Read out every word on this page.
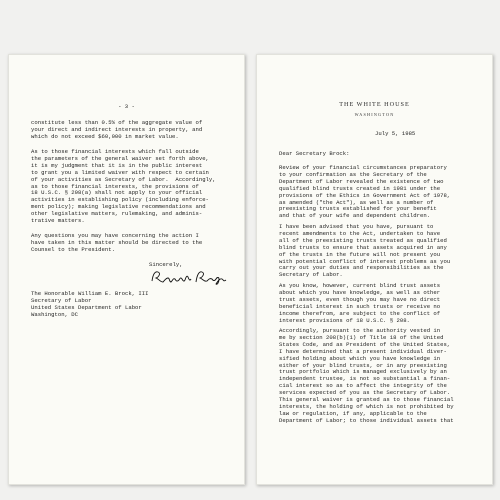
- 3 -
constitute less than 0.5% of the aggregate value of
your direct and indirect interests in property, and
which do not exceed $60,000 in market value.
As to those financial interests which fall outside
the parameters of the general waiver set forth above,
it is my judgment that it is in the public interest
to grant you a limited waiver with respect to certain
of your activities as Secretary of Labor.  Accordingly,
as to those financial interests, the provisions of
18 U.S.C. § 208(a) shall not apply to your official
activities in establishing policy (including enforce-
ment policy); making legislative recommendations and
other legislative matters, rulemaking, and adminis-
trative matters.
Any questions you may have concerning the action I
have taken in this matter should be directed to the
Counsel to the President.
Sincerely,
The Honorable William E. Brock, III
Secretary of Labor
United States Department of Labor
Washington, DC
THE WHITE HOUSE
WASHINGTON
July 5, 1985
Dear Secretary Brock:
Review of your financial circumstances preparatory
to your confirmation as the Secretary of the
Department of Labor revealed the existence of two
qualified blind trusts created in 1981 under the
provisions of the Ethics in Government Act of 1978,
as amended ("the Act"), as well as a number of
preexisting trusts established for your benefit
and that of your wife and dependent children.
I have been advised that you have, pursuant to
recent amendments to the Act, undertaken to have
all of the preexisting trusts treated as qualified
blind trusts to ensure that assets acquired in any
of the trusts in the future will not present you
with potential conflict of interest problems as you
carry out your duties and responsibilities as the
Secretary of Labor.
As you know, however, current blind trust assets
about which you have knowledge, as well as other
trust assets, even though you may have no direct
beneficial interest in such trusts or receive no
income therefrom, are subject to the conflict of
interest provisions of 18 U.S.C. § 208.
Accordingly, pursuant to the authority vested in
me by section 208(b)(1) of Title 18 of the United
States Code, and as President of the United States,
I have determined that a present individual diver-
sified holding about which you have knowledge in
either of your blind trusts, or in any preexisting
trust portfolio which is managed exclusively by an
independent trustee, is not so substantial a finan-
cial interest so as to affect the integrity of the
services expected of you as the Secretary of Labor.
This general waiver is granted as to those financial
interests, the holding of which is not prohibited by
law or regulation, if any, applicable to the
Department of Labor; to those individual assets that
